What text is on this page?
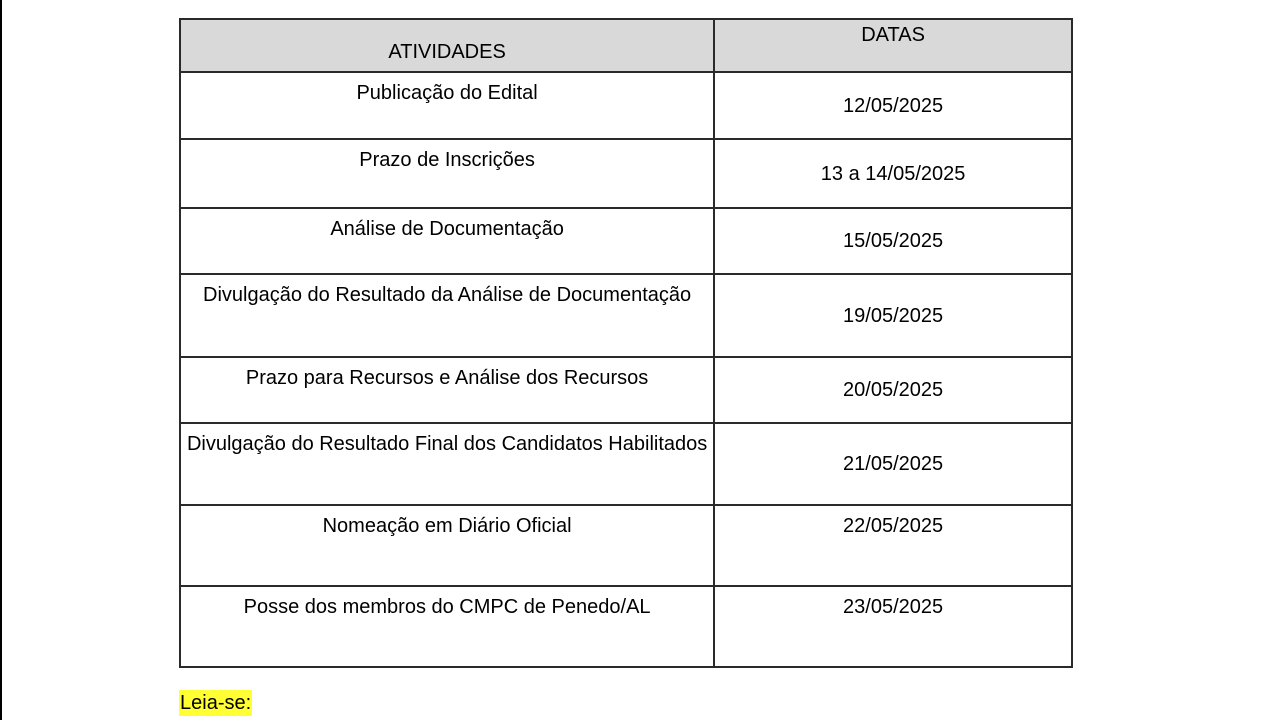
ATIVIDADES	DATAS
Publicação do Edital	12/05/2025
Prazo de Inscrições	13 a 14/05/2025
Análise de Documentação	15/05/2025
Divulgação do Resultado da Análise de Documentação	19/05/2025
Prazo para Recursos e Análise dos Recursos	20/05/2025
Divulgação do Resultado Final dos Candidatos Habilitados	21/05/2025
Nomeação em Diário Oficial	22/05/2025
Posse dos membros do CMPC de Penedo/AL	23/05/2025
Leia-se:
